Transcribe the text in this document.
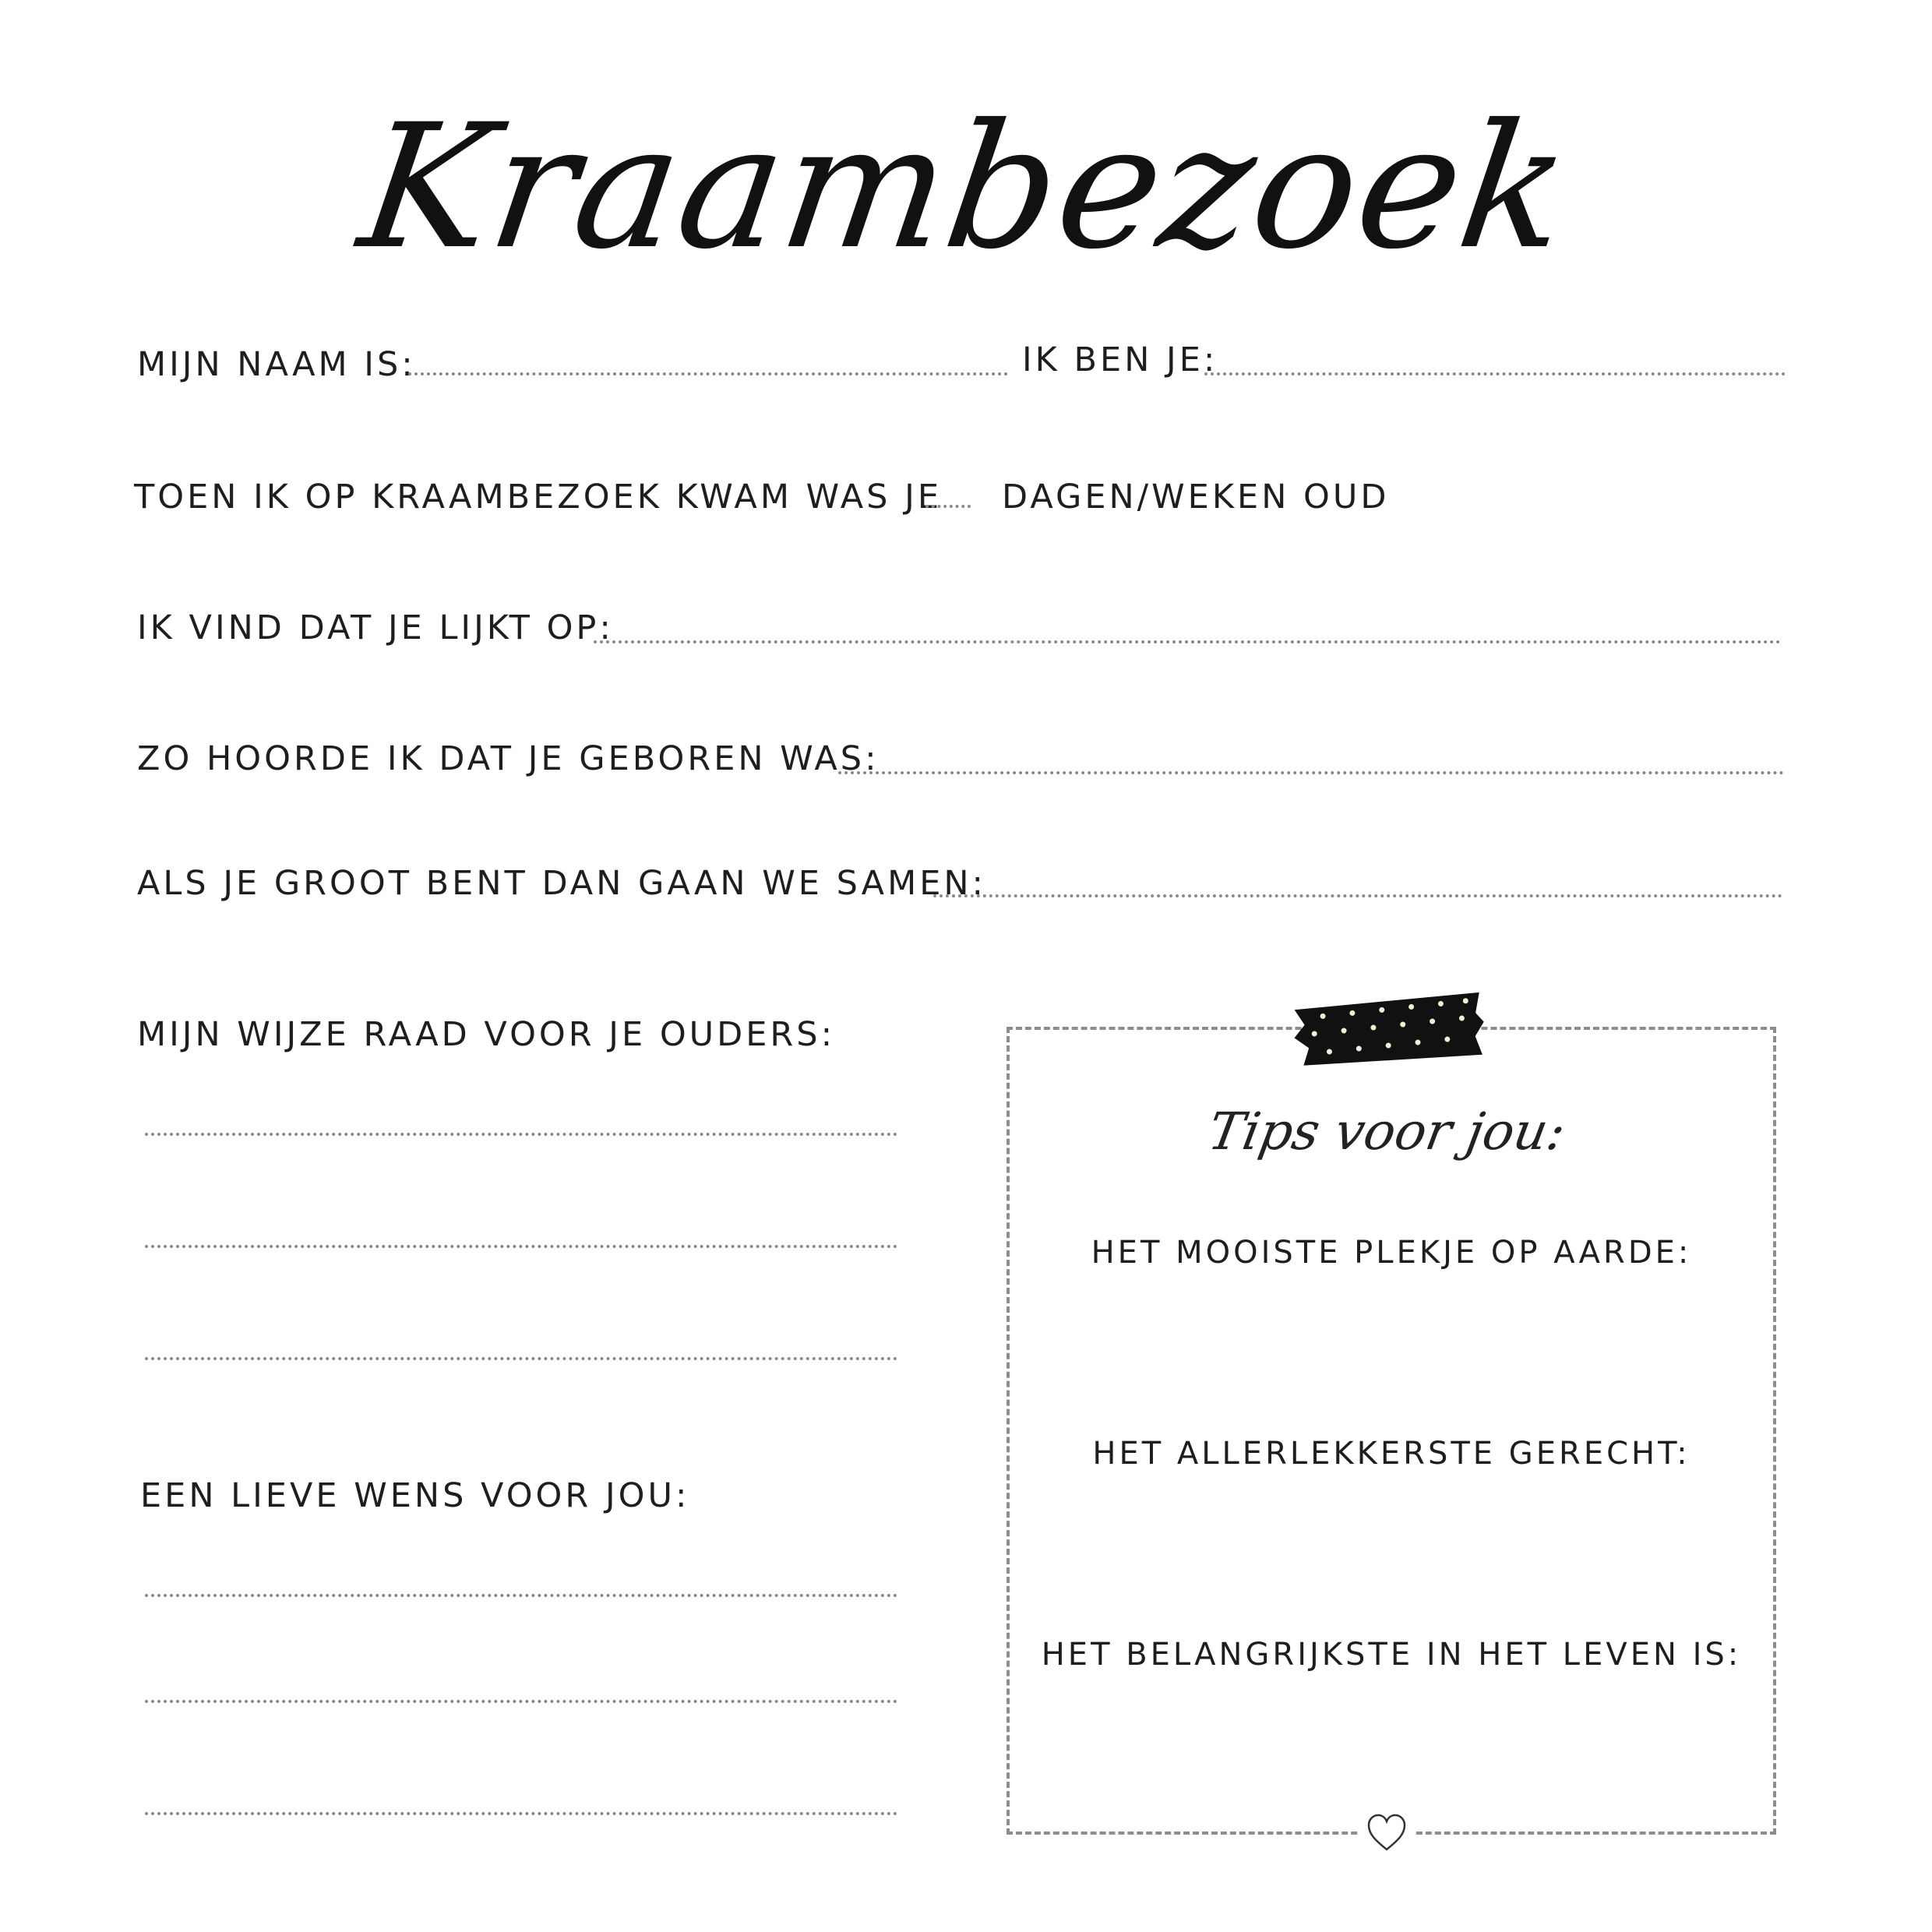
Kraambezoek
MIJN NAAM IS:	IK BEN JE:
TOEN IK OP KRAAMBEZOEK KWAM WAS JE DAGEN/WEKEN OUD
IK VIND DAT JE LIJKT OP:
ZO HOORDE IK DAT JE GEBOREN WAS:
ALS JE GROOT BENT DAN GAAN WE SAMEN:
MIJN WIJZE RAAD VOOR JE OUDERS:
EEN LIEVE WENS VOOR JOU:
Tips voor jou:
HET MOOISTE PLEKJE OP AARDE:
HET ALLERLEKKERSTE GERECHT:
HET BELANGRIJKSTE IN HET LEVEN IS:
